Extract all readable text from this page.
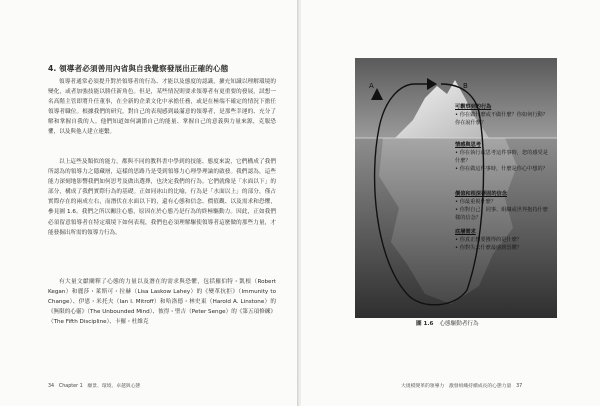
4. 領導者必須善用內省與自我覺察發展出正確的心態

領導者通常必須提升對於領導者的行為、才能以及態度的認識，擴充知識以理解環境的變化，或者加強技能以勝任新角色。但是，某些情況則要求領導者有更重要的發展，試想一名高階主管即將升任董事，在全新的企業文化中承擔任務，或是在極端不確定的情況下擔任領導者職位。根據我們的研究，對自己的表現感到最滿意的領導者，是那些幸運的、充分了解和掌握自我的人。他們知道如何調節自己的能量、掌握自己的意義與力量來源，克服恐懼，以及與他人建立連繫。

以上這些及類似的能力，都與不同的教科書中學到的技能、態度來說，它們構成了我們所認為的領導力之隱藏層，這樣的思路乃是受到領導力心理學理論的啟發。我們認為，這些能力深刻地影響我們如何思考及做出選擇，也決定我們的行為。它們就像是「水面以下」的部分，構成了我們實際行為的基礎。正如同冰山的比喻，行為是「水面以上」的部分，僅占實際存在的兩成左右，而潛伏在水面以下的，還有心態和信念、價值觀、以及需求和恐懼，參見圖 1.6。我們之所以關注心態，原因在於心態乃是行為的終極驅動力。因此，正如我們必須留意領導者在特定環境下如何表現，我們也必須理解驅使領導者這麼做的那些力量，才能發掘出所需的領導力行為。

有大量文獻闡釋了心態的力量以及潛在的需求與恐懼，包括羅伯特・凱根（Robert Kegan）和麗莎・萊斯可・拉赫（Lisa Laskow Lahey）的《變革抗拒》（Immunity to Change）、伊恩・米托夫（Ian I. Mitroff）和哈洛德・林史東（Harold A. Linstone）的《無限的心靈》（The Unbounded Mind）、彼得・聖吉（Peter Senge）的《第五項修練》（The Fifth Discipline）、卡羅・杜維克

34　Chapter 1　願景、環境、卓越與心態
A	B
可觀察到的行為
• 你在做什麼或不做什麼？你如何行動？你在說什麼？
情感與思考
• 你在執行或思考這件事時，您的感受是什麼？
• 你在做這件事時，什麼是你心中想的？
價值和根深蒂固的信念
• 你最重視什麼？
• 你對自己、同事、組織或世界抱持什麼樣的信念？
底層需求
• 你真正想要獲得的是什麼？
• 你對失去什麼最感到恐懼？
圖 1.6 心態驅動者行為
大規模變革的領導力　激發組織持續成長的心態力量　37
